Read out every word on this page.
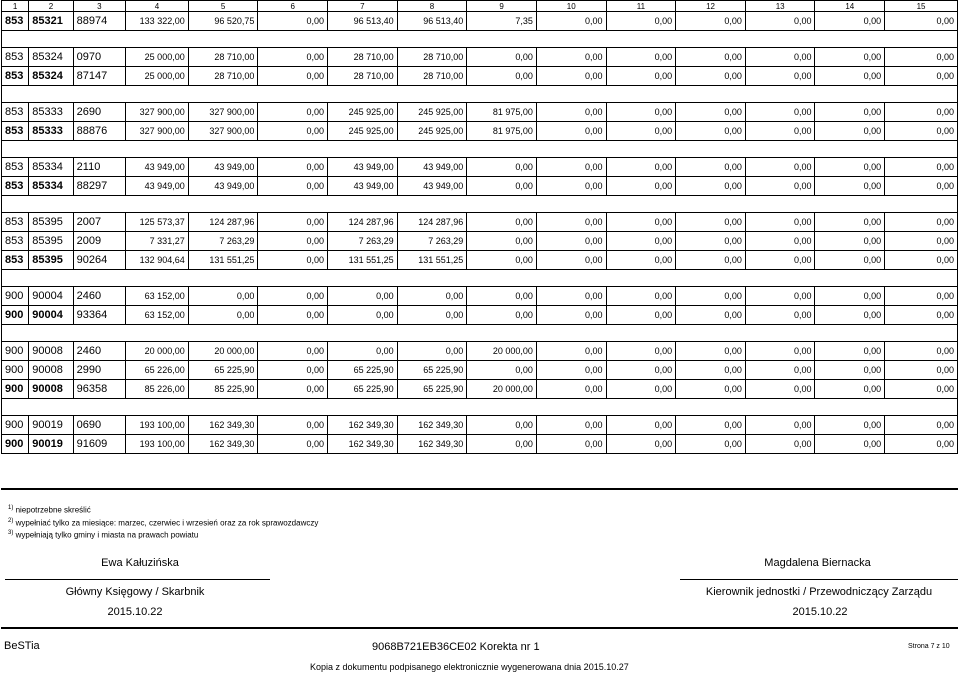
1	2	3	4	5	6	7	8	9	10	11	12	13	14	15
853	85321	88974	133 322,00	96 520,75	0,00	96 513,40	96 513,40	7,35	0,00	0,00	0,00	0,00	0,00	0,00

853	85324	0970	25 000,00	28 710,00	0,00	28 710,00	28 710,00	0,00	0,00	0,00	0,00	0,00	0,00	0,00
853	85324	87147	25 000,00	28 710,00	0,00	28 710,00	28 710,00	0,00	0,00	0,00	0,00	0,00	0,00	0,00

853	85333	2690	327 900,00	327 900,00	0,00	245 925,00	245 925,00	81 975,00	0,00	0,00	0,00	0,00	0,00	0,00
853	85333	88876	327 900,00	327 900,00	0,00	245 925,00	245 925,00	81 975,00	0,00	0,00	0,00	0,00	0,00	0,00

853	85334	2110	43 949,00	43 949,00	0,00	43 949,00	43 949,00	0,00	0,00	0,00	0,00	0,00	0,00	0,00
853	85334	88297	43 949,00	43 949,00	0,00	43 949,00	43 949,00	0,00	0,00	0,00	0,00	0,00	0,00	0,00

853	85395	2007	125 573,37	124 287,96	0,00	124 287,96	124 287,96	0,00	0,00	0,00	0,00	0,00	0,00	0,00
853	85395	2009	7 331,27	7 263,29	0,00	7 263,29	7 263,29	0,00	0,00	0,00	0,00	0,00	0,00	0,00
853	85395	90264	132 904,64	131 551,25	0,00	131 551,25	131 551,25	0,00	0,00	0,00	0,00	0,00	0,00	0,00

900	90004	2460	63 152,00	0,00	0,00	0,00	0,00	0,00	0,00	0,00	0,00	0,00	0,00	0,00
900	90004	93364	63 152,00	0,00	0,00	0,00	0,00	0,00	0,00	0,00	0,00	0,00	0,00	0,00

900	90008	2460	20 000,00	20 000,00	0,00	0,00	0,00	20 000,00	0,00	0,00	0,00	0,00	0,00	0,00
900	90008	2990	65 226,00	65 225,90	0,00	65 225,90	65 225,90	0,00	0,00	0,00	0,00	0,00	0,00	0,00
900	90008	96358	85 226,00	85 225,90	0,00	65 225,90	65 225,90	20 000,00	0,00	0,00	0,00	0,00	0,00	0,00

900	90019	0690	193 100,00	162 349,30	0,00	162 349,30	162 349,30	0,00	0,00	0,00	0,00	0,00	0,00	0,00
900	90019	91609	193 100,00	162 349,30	0,00	162 349,30	162 349,30	0,00	0,00	0,00	0,00	0,00	0,00	0,00
$^{1)}$ niepotrzebne skreślić
$^{2)}$ wypełniać tylko za miesiące: marzec, czerwiec i wrzesień oraz za rok sprawozdawczy
$^{3)}$ wypełniają tylko gminy i miasta na prawach powiatu
Ewa Kałuzińska
Główny Księgowy / Skarbnik
2015.10.22
Magdalena Biernacka
Kierownik jednostki / Przewodniczący Zarządu
2015.10.22
BeSTia	9068B721EB36CE02 Korekta nr 1	Strona 7 z 10
Kopia z dokumentu podpisanego elektronicznie wygenerowana dnia 2015.10.27
